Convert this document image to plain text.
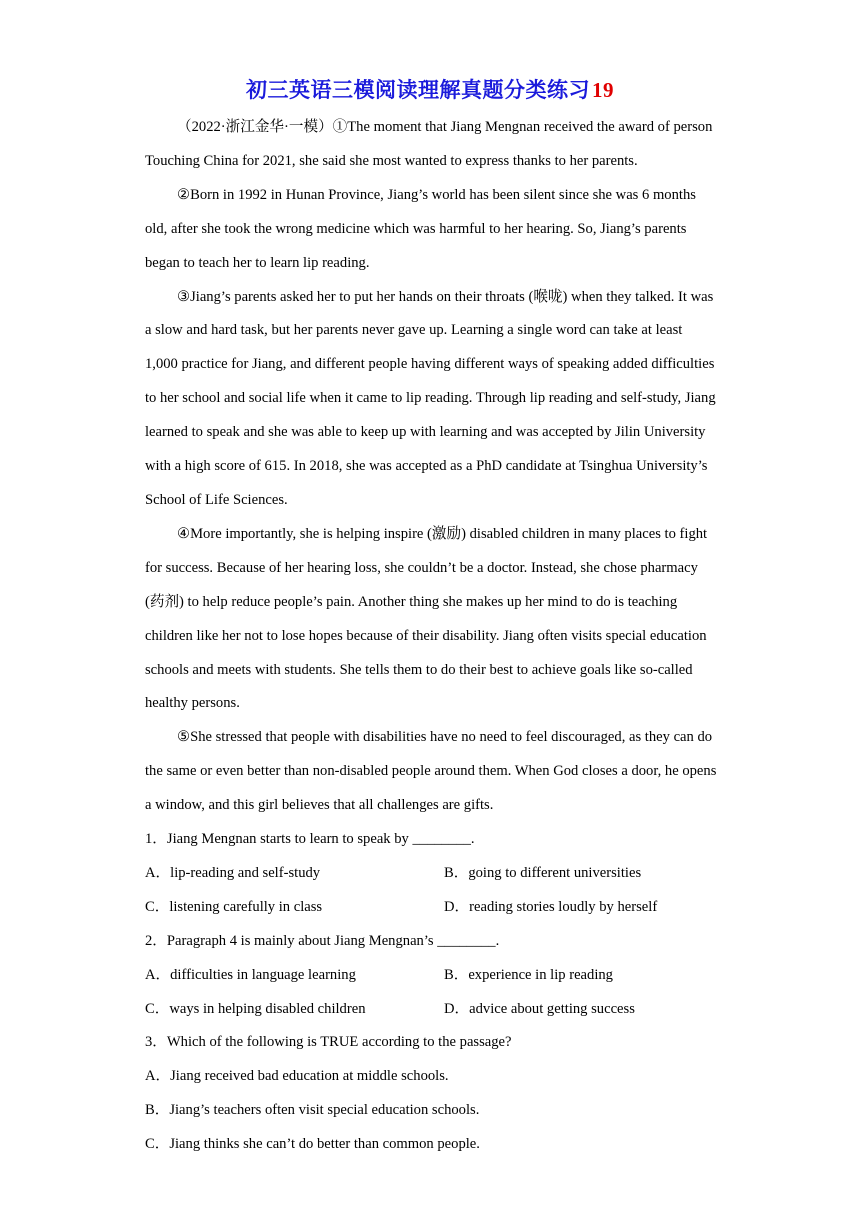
初三英语三模阅读理解真题分类练习19

（2022·浙江金华·一模）①The moment that Jiang Mengnan received the award of person Touching China for 2021, she said she most wanted to express thanks to her parents.

②Born in 1992 in Hunan Province, Jiang’s world has been silent since she was 6 months old, after she took the wrong medicine which was harmful to her hearing. So, Jiang’s parents began to teach her to learn lip reading.

③Jiang’s parents asked her to put her hands on their throats (喉咙) when they talked. It was a slow and hard task, but her parents never gave up. Learning a single word can take at least 1,000 practice for Jiang, and different people having different ways of speaking added difficulties to her school and social life when it came to lip reading. Through lip reading and self-study, Jiang learned to speak and she was able to keep up with learning and was accepted by Jilin University with a high score of 615. In 2018, she was accepted as a PhD candidate at Tsinghua University’s School of Life Sciences.

④More importantly, she is helping inspire (激励) disabled children in many places to fight for success. Because of her hearing loss, she couldn’t be a doctor. Instead, she chose pharmacy (药剂) to help reduce people’s pain. Another thing she makes up her mind to do is teaching children like her not to lose hopes because of their disability. Jiang often visits special education schools and meets with students. She tells them to do their best to achieve goals like so-called healthy persons.

⑤She stressed that people with disabilities have no need to feel discouraged, as they can do the same or even better than non-disabled people around them. When God closes a door, he opens a window, and this girl believes that all challenges are gifts.

1．Jiang Mengnan starts to learn to speak by ________.

A．lip-reading and self-study	B．going to different universities
C．listening carefully in class	D．reading stories loudly by herself

2．Paragraph 4 is mainly about Jiang Mengnan’s ________.

A．difficulties in language learning	B．experience in lip reading
C．ways in helping disabled children	D．advice about getting success

3．Which of the following is TRUE according to the passage?

A．Jiang received bad education at middle schools.

B．Jiang’s teachers often visit special education schools.

C．Jiang thinks she can’t do better than common people.
